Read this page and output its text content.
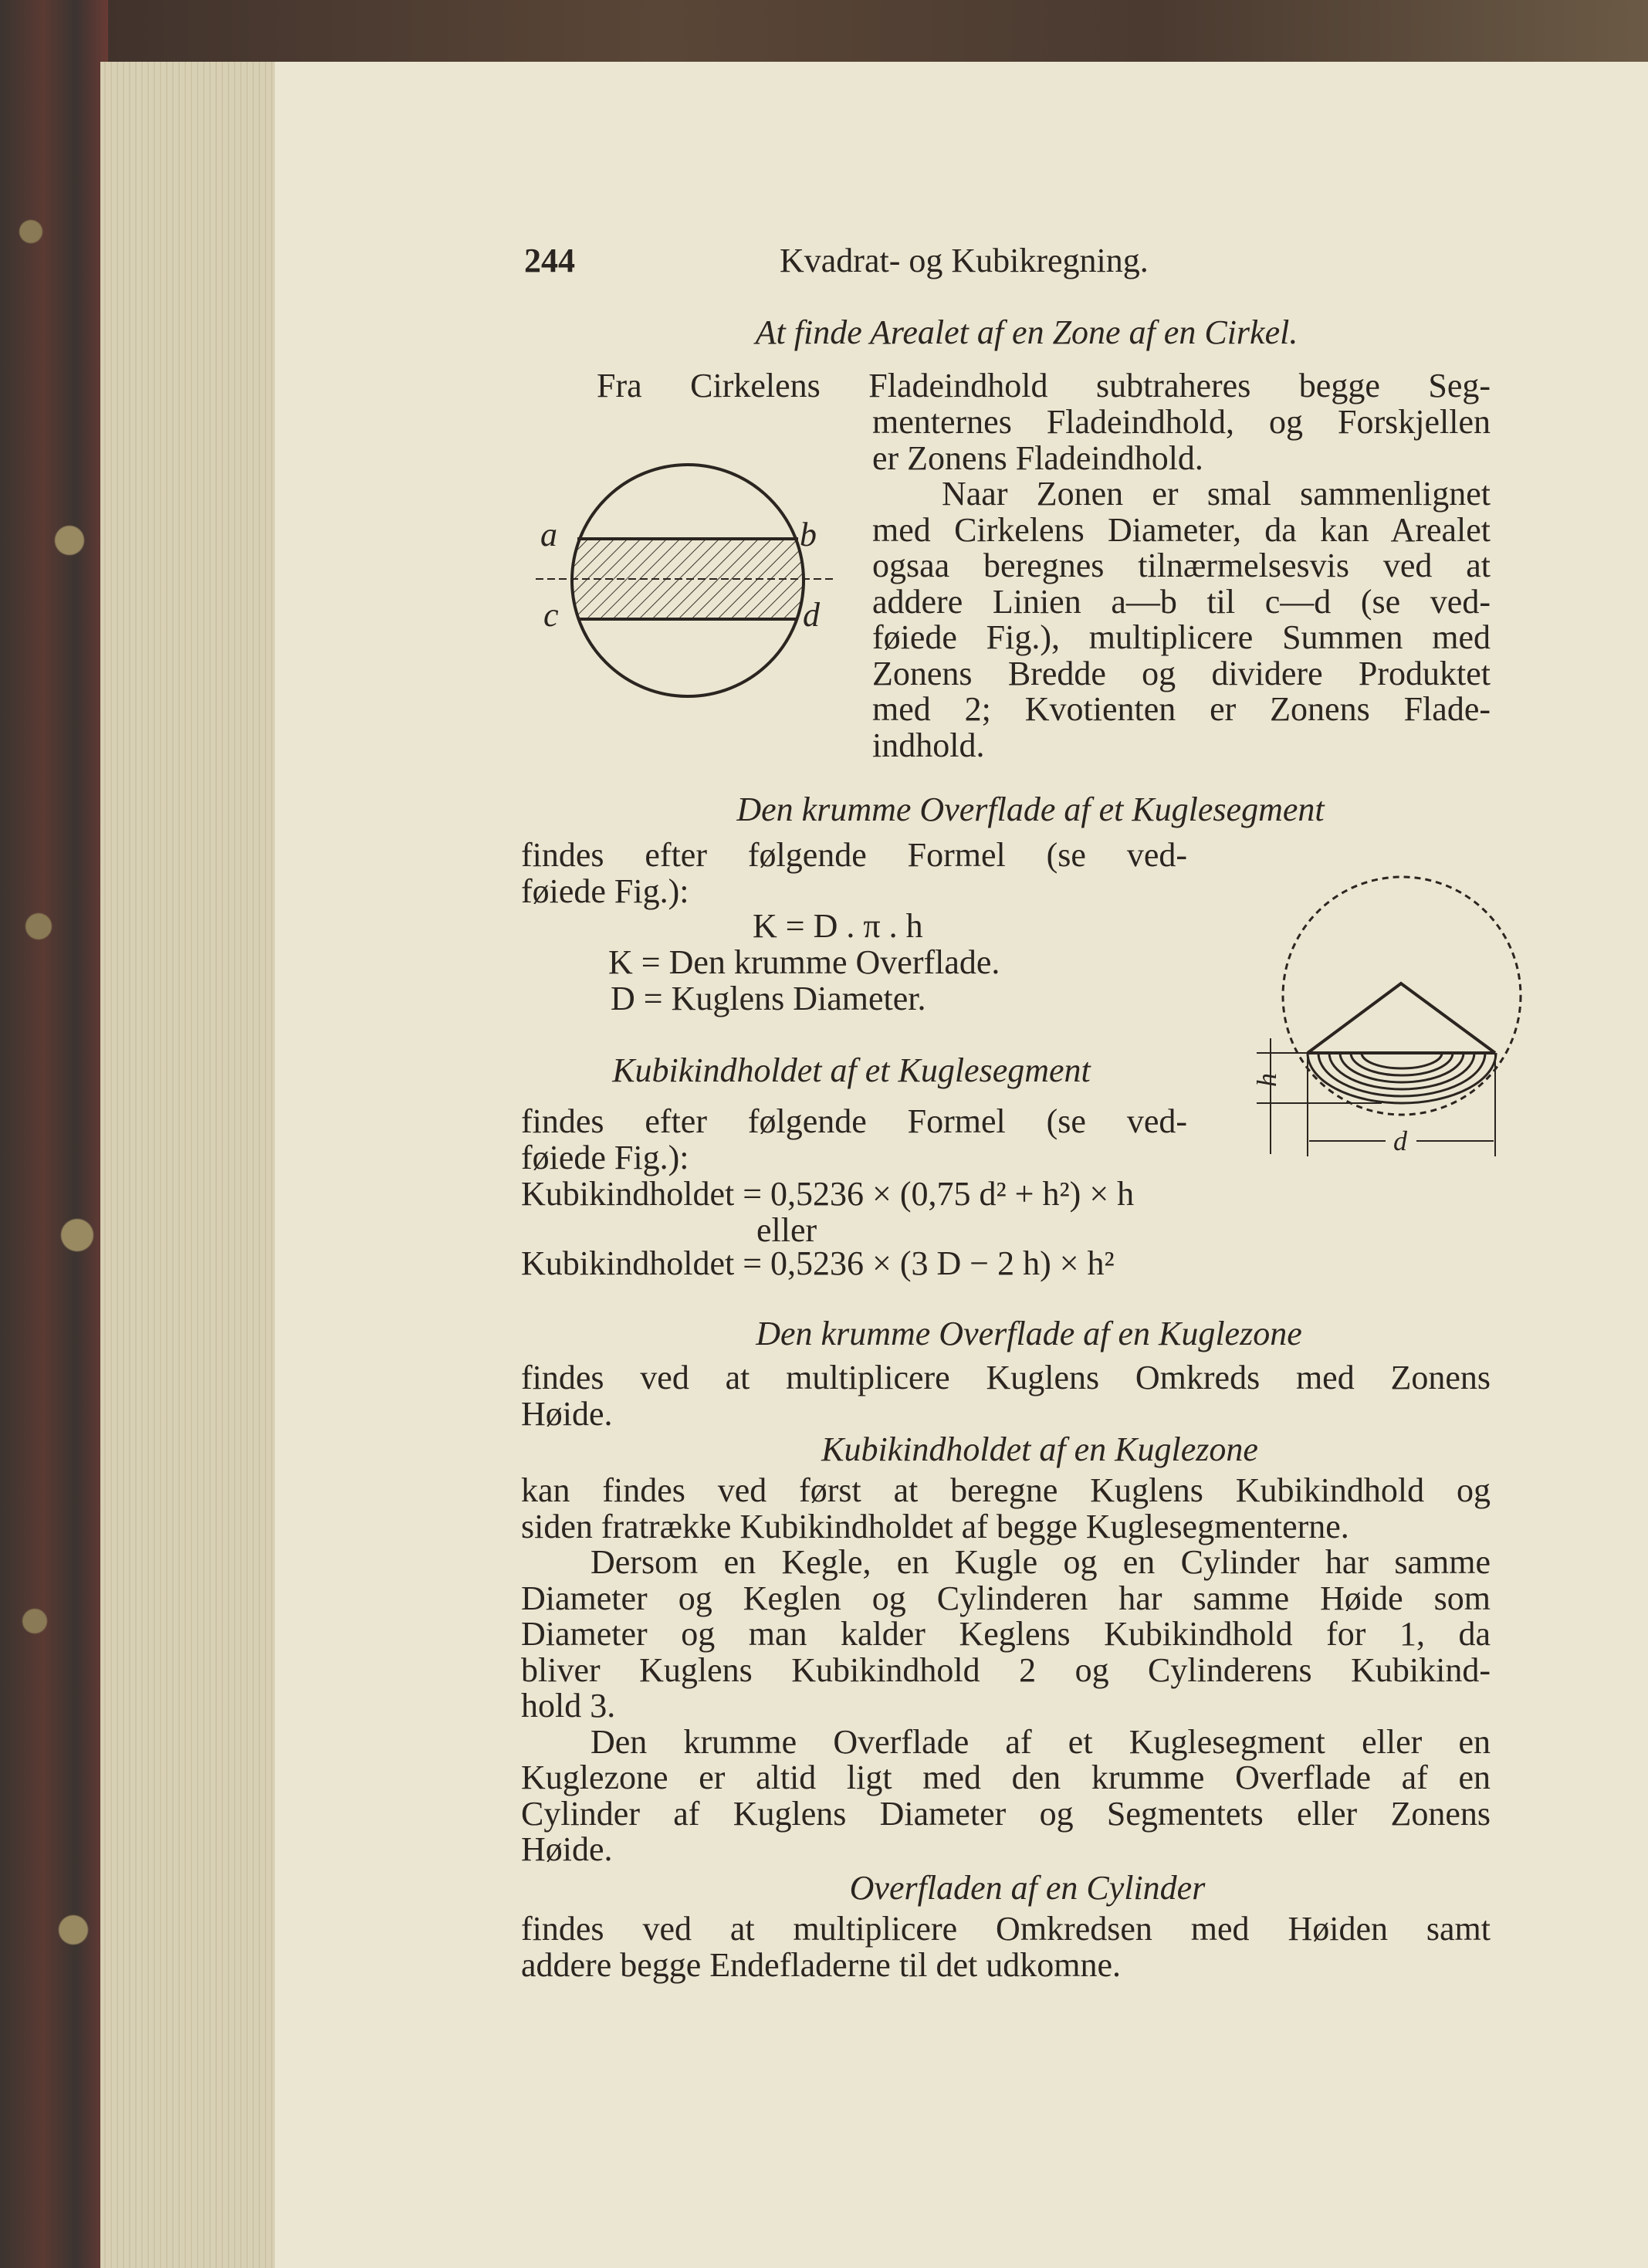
244	Kvadrat- og Kubikregning.
At finde Arealet af en Zone af en Cirkel.
Fra Cirkelens Fladeindhold subtraheres begge Seg-
menternes Fladeindhold, og Forskjellen
er Zonens Fladeindhold.
Naar Zonen er smal sammenlignet
med Cirkelens Diameter, da kan Arealet
ogsaa beregnes tilnærmelsesvis ved at
addere Linien a—b til c—d (se ved-
føiede Fig.), multiplicere Summen med
Zonens Bredde og dividere Produktet
med 2; Kvotienten er Zonens Flade-
indhold.
a	b
c	d
Den krumme Overflade af et Kuglesegment
findes efter følgende Formel (se ved-
føiede Fig.):
K = D . π . h
K = Den krumme Overflade.
D = Kuglens Diameter.
h
d
Kubikindholdet af et Kuglesegment
findes efter følgende Formel (se ved-
føiede Fig.):
Kubikindholdet = 0,5236 × (0,75 d² + h²) × h
eller
Kubikindholdet = 0,5236 × (3 D − 2 h) × h²
Den krumme Overflade af en Kuglezone
findes ved at multiplicere Kuglens Omkreds med Zonens
Høide.
Kubikindholdet af en Kuglezone
kan findes ved først at beregne Kuglens Kubikindhold og
siden fratrække Kubikindholdet af begge Kuglesegmenterne.
Dersom en Kegle, en Kugle og en Cylinder har samme
Diameter og Keglen og Cylinderen har samme Høide som
Diameter og man kalder Keglens Kubikindhold for 1, da
bliver Kuglens Kubikindhold 2 og Cylinderens Kubikind-
hold 3.
Den krumme Overflade af et Kuglesegment eller en
Kuglezone er altid ligt med den krumme Overflade af en
Cylinder af Kuglens Diameter og Segmentets eller Zonens
Høide.
Overfladen af en Cylinder
findes ved at multiplicere Omkredsen med Høiden samt
addere begge Endefladerne til det udkomne.
